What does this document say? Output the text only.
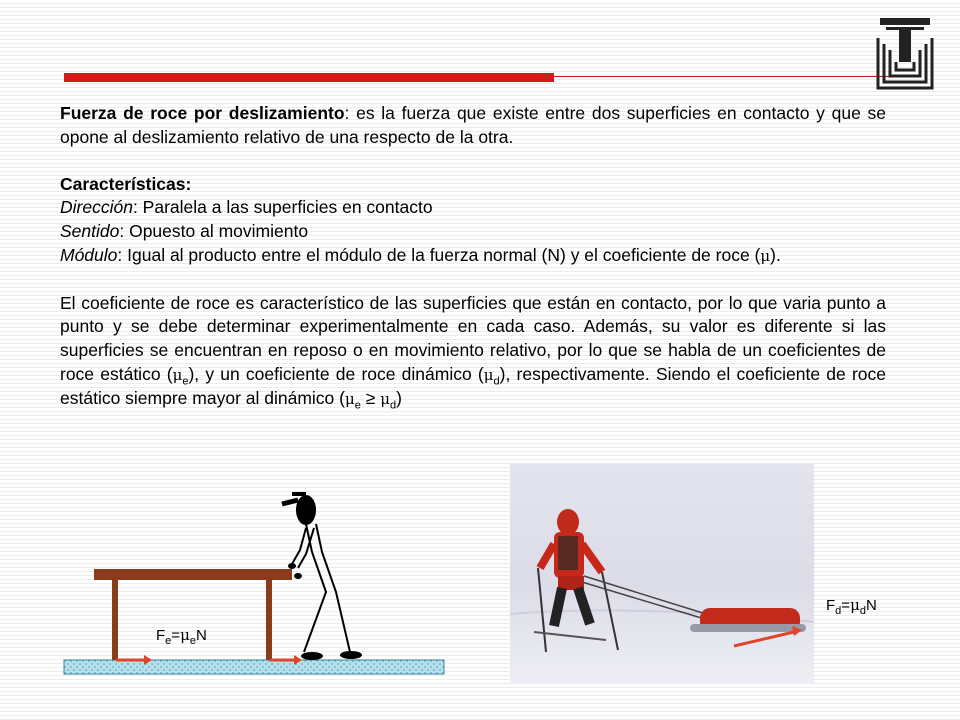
Fuerza de roce por deslizamiento: es la fuerza que existe entre dos superficies en contacto y que se opone al deslizamiento relativo de una respecto de la otra.

Características:

Dirección: Paralela a las superficies en contacto

Sentido: Opuesto al movimiento

Módulo: Igual al producto entre el módulo de la fuerza normal (N) y el coeficiente de roce (μ).

El coeficiente de roce es característico de las superficies que están en contacto, por lo que varia punto a punto y se debe determinar experimentalmente en cada caso. Además, su valor es diferente si las superficies se encuentran en reposo o en movimiento relativo, por lo que se habla de un coeficientes de roce estático $(\mu_e)$, y un coeficiente de roce dinámico $(\mu_d)$, respectivamente. Siendo el coeficiente de roce estático siempre mayor al dinámico $(\mu_e \ge \mu_d)$

$F_e=\mu_eN$
$F_d=\mu_dN$
